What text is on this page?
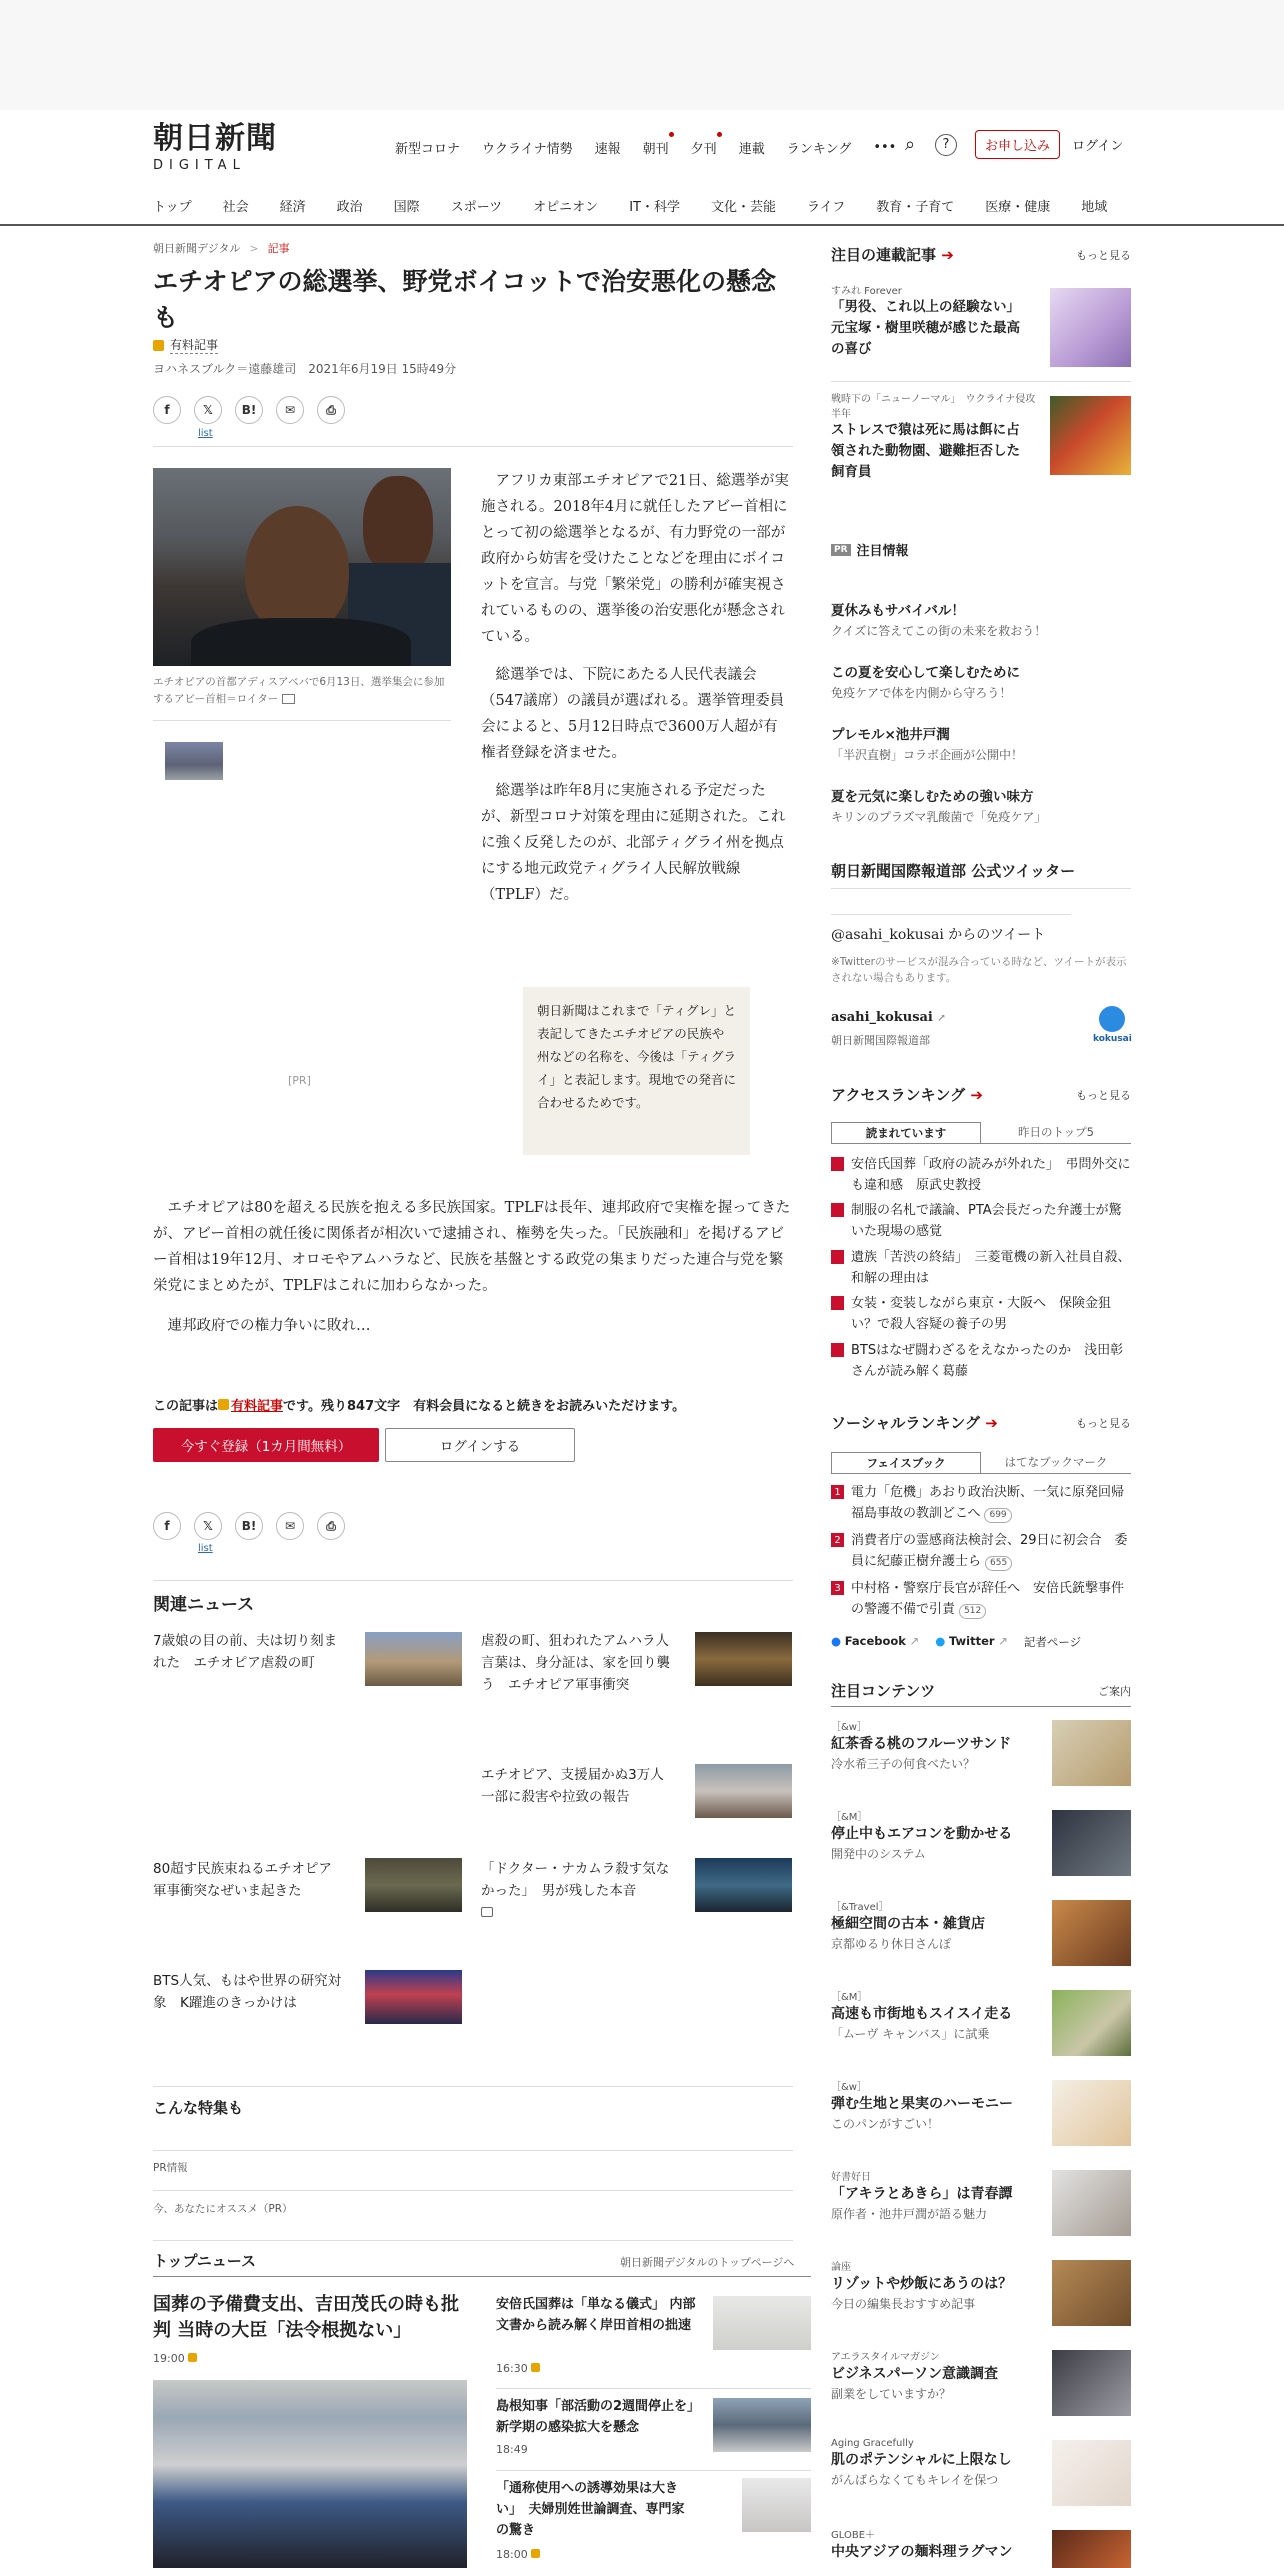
朝日新聞
DIGITAL
新型コロナ ウクライナ情勢 速報 朝刊 夕刊 連載 ランキング ••• ⌕	?	お申し込み	ログイン
トップ 社会 経済 政治 国際 スポーツ オピニオン IT・科学 文化・芸能 ライフ 教育・子育て 医療・健康 地域
朝日新聞デジタル > 記事
エチオピアの総選挙、野党ボイコットで治安悪化の懸念も
有料記事
ヨハネスブルク＝遠藤雄司　2021年6月19日 15時49分
f	𝕏	B!	✉	⎙
list
エチオピアの首都アディスアベバで6月13日、選挙集会に参加するアビー首相＝ロイター

アフリカ東部エチオピアで21日、総選挙が実施される。2018年4月に就任したアビー首相にとって初の総選挙となるが、有力野党の一部が政府から妨害を受けたことなどを理由にボイコットを宣言。与党「繁栄党」の勝利が確実視されているものの、選挙後の治安悪化が懸念されている。

総選挙では、下院にあたる人民代表議会（547議席）の議員が選ばれる。選挙管理委員会によると、5月12日時点で3600万人超が有権者登録を済ませた。

総選挙は昨年8月に実施される予定だったが、新型コロナ対策を理由に延期された。これに強く反発したのが、北部ティグライ州を拠点にする地元政党ティグライ人民解放戦線（TPLF）だ。

[PR]
朝日新聞はこれまで「ティグレ」と表記してきたエチオピアの民族や州などの名称を、今後は「ティグライ」と表記します。現地での発音に合わせるためです。

エチオピアは80を超える民族を抱える多民族国家。TPLFは長年、連邦政府で実権を握ってきたが、アビー首相の就任後に関係者が相次いで逮捕され、権勢を失った。「民族融和」を掲げるアビー首相は19年12月、オロモやアムハラなど、民族を基盤とする政党の集まりだった連合与党を繁栄党にまとめたが、TPLFはこれに加わらなかった。

連邦政府での権力争いに敗れ…

この記事は 有料記事です。残り847文字　有料会員になると続きをお読みいただけます。
今すぐ登録（1カ月間無料）	ログインする
f	𝕏	B!	✉	⎙
list
関連ニュース
7歳娘の目の前、夫は切り刻まれた　エチオピア虐殺の町
虐殺の町、狙われたアムハラ人　言葉は、身分証は、家を回り襲う　エチオピア軍事衝突
エチオピア、支援届かぬ3万人　一部に殺害や拉致の報告
80超す民族束ねるエチオピア　軍事衝突なぜいま起きた
「ドクター・ナカムラ殺す気なかった」　男が残した本音

BTS人気、もはや世界の研究対象　K躍進のきっかけは
こんな特集も
PR情報
今、あなたにオススメ（PR）
トップニュース	朝日新聞デジタルのトップページへ
国葬の予備費支出、吉田茂氏の時も批判 当時の大臣「法令根拠ない」
19:00
安倍氏国葬は「単なる儀式」 内部文書から読み解く岸田首相の拙速
16:30
島根知事「部活動の2週間停止を」　新学期の感染拡大を懸念
18:49
「通称使用への誘導効果は大きい」　夫婦別姓世論調査、専門家の驚き
18:00
注目の連載記事 ➔	もっと見る
すみれ Forever
「男役、これ以上の経験ない」　元宝塚・樹里咲穂が感じた最高の喜び
戦時下の「ニューノーマル」　ウクライナ侵攻半年
ストレスで猿は死に馬は餌に占領された動物園、避難拒否した飼育員
PR 注目情報
夏休みもサバイバル！
クイズに答えてこの街の未来を救おう！
この夏を安心して楽しむために
免疫ケアで体を内側から守ろう！
プレモル×池井戸潤
「半沢直樹」コラボ企画が公開中！
夏を元気に楽しむための強い味方
キリンのプラズマ乳酸菌で「免疫ケア」
朝日新聞国際報道部 公式ツイッター
@asahi_kokusai からのツイート
※Twitterのサービスが混み合っている時など、ツイートが表示されない場合もあります。
asahi_kokusai ↗
朝日新聞国際報道部	kokusai
アクセスランキング ➔	もっと見る
読まれています	昨日のトップ5
安倍氏国葬「政府の読みが外れた」　弔問外交にも違和感　原武史教授
制服の名札で議論、PTA会長だった弁護士が驚いた現場の感覚
遺族「苦渋の終結」　三菱電機の新入社員自殺、和解の理由は
女装・変装しながら東京・大阪へ　保険金狙い？で殺人容疑の養子の男
BTSはなぜ闘わざるをえなかったのか　浅田彰さんが読み解く葛藤
ソーシャルランキング ➔	もっと見る
フェイスブック	はてなブックマーク
1 電力「危機」あおり政治決断、一気に原発回帰　福島事故の教訓どこへ 699
2 消費者庁の霊感商法検討会、29日に初会合　委員に紀藤正樹弁護士ら 655
3 中村格・警察庁長官が辞任へ　安倍氏銃撃事件の警護不備で引責 512
● Facebook ↗ ● Twitter ↗ 記者ページ
注目コンテンツ	ご案内
［&w］
紅茶香る桃のフルーツサンド
冷水希三子の何食べたい？
［&M］
停止中もエアコンを動かせる
開発中のシステム
［&Travel］
極細空間の古本・雑貨店
京都ゆるり休日さんぽ
［&M］
高速も市街地もスイスイ走る
「ムーヴ キャンバス」に試乗
［&w］
弾む生地と果実のハーモニー
このパンがすごい！
好書好日
「アキラとあきら」は青春譚
原作者・池井戸潤が語る魅力
論座
リゾットや炒飯にあうのは？
今日の編集長おすすめ記事
アエラスタイルマガジン
ビジネスパーソン意識調査
副業をしていますか？
Aging Gracefully
肌のポテンシャルに上限なし
がんばらなくてもキレイを保つ
GLOBE＋
中央アジアの麺料理ラグマン
